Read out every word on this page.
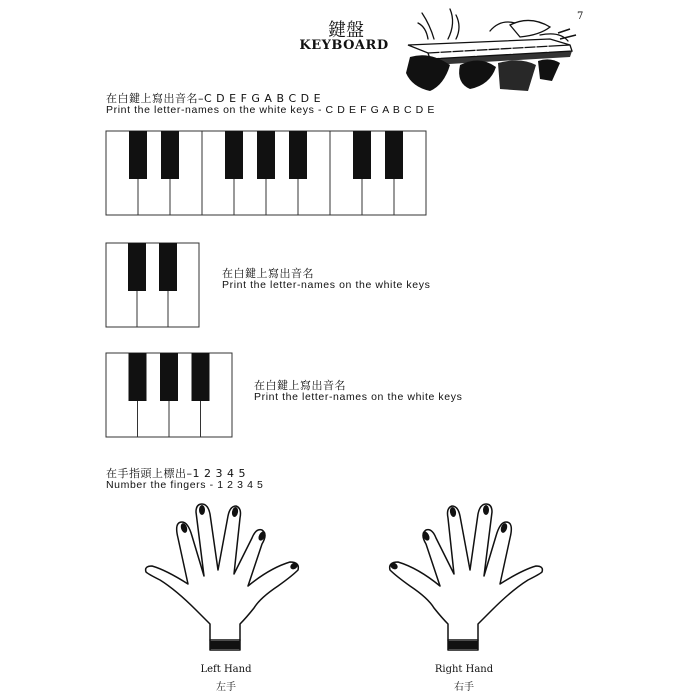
7
鍵盤
KEYBOARD
在白鍵上寫出音名–C D E F G A B C D E
Print the letter-names on the white keys - C D E F G A B C D E
在白鍵上寫出音名
Print the letter-names on the white keys
在白鍵上寫出音名
Print the letter-names on the white keys
在手指頭上標出–1 2 3 4 5
Number the fingers - 1 2 3 4 5
Left Hand
左手
Right Hand
右手
